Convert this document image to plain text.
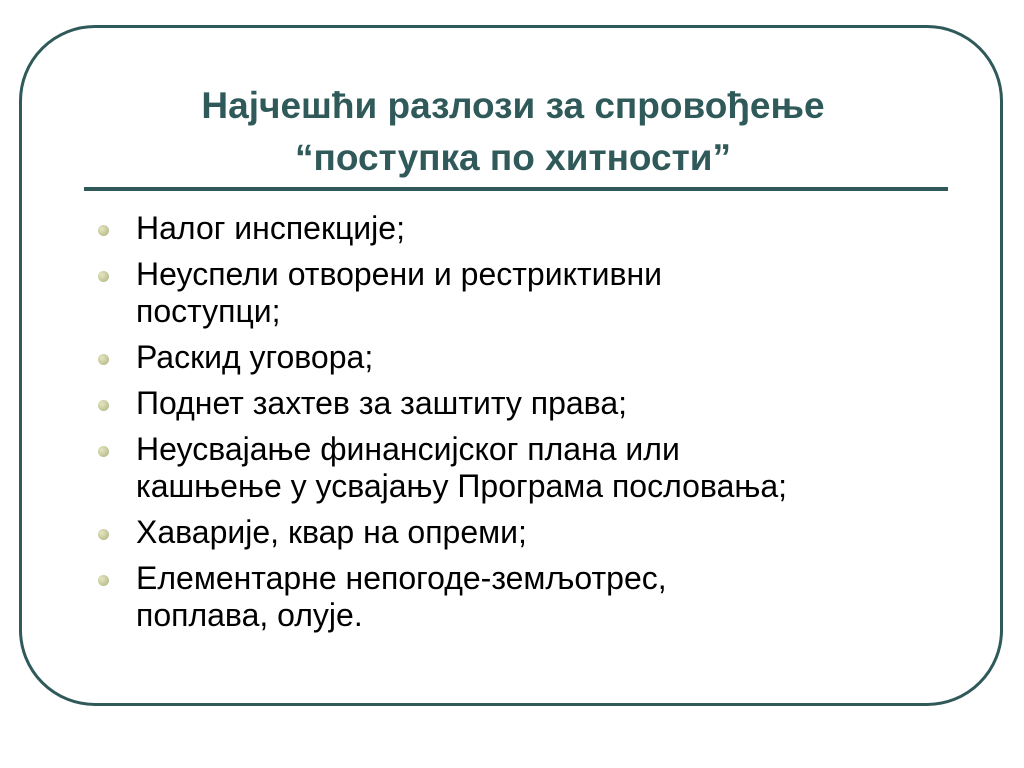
Најчешћи разлози за спровођење
“поступка по хитности”
Налог инспекције;
Неуспели отворени и рестриктивни
поступци;
Раскид уговора;
Поднет захтев за заштиту права;
Неусвајање финансијског плана или
кашњење у усвајању Програма пословања;
Хаварије, квар на опреми;
Елементарне непогоде-земљотрес,
поплава, олује.
